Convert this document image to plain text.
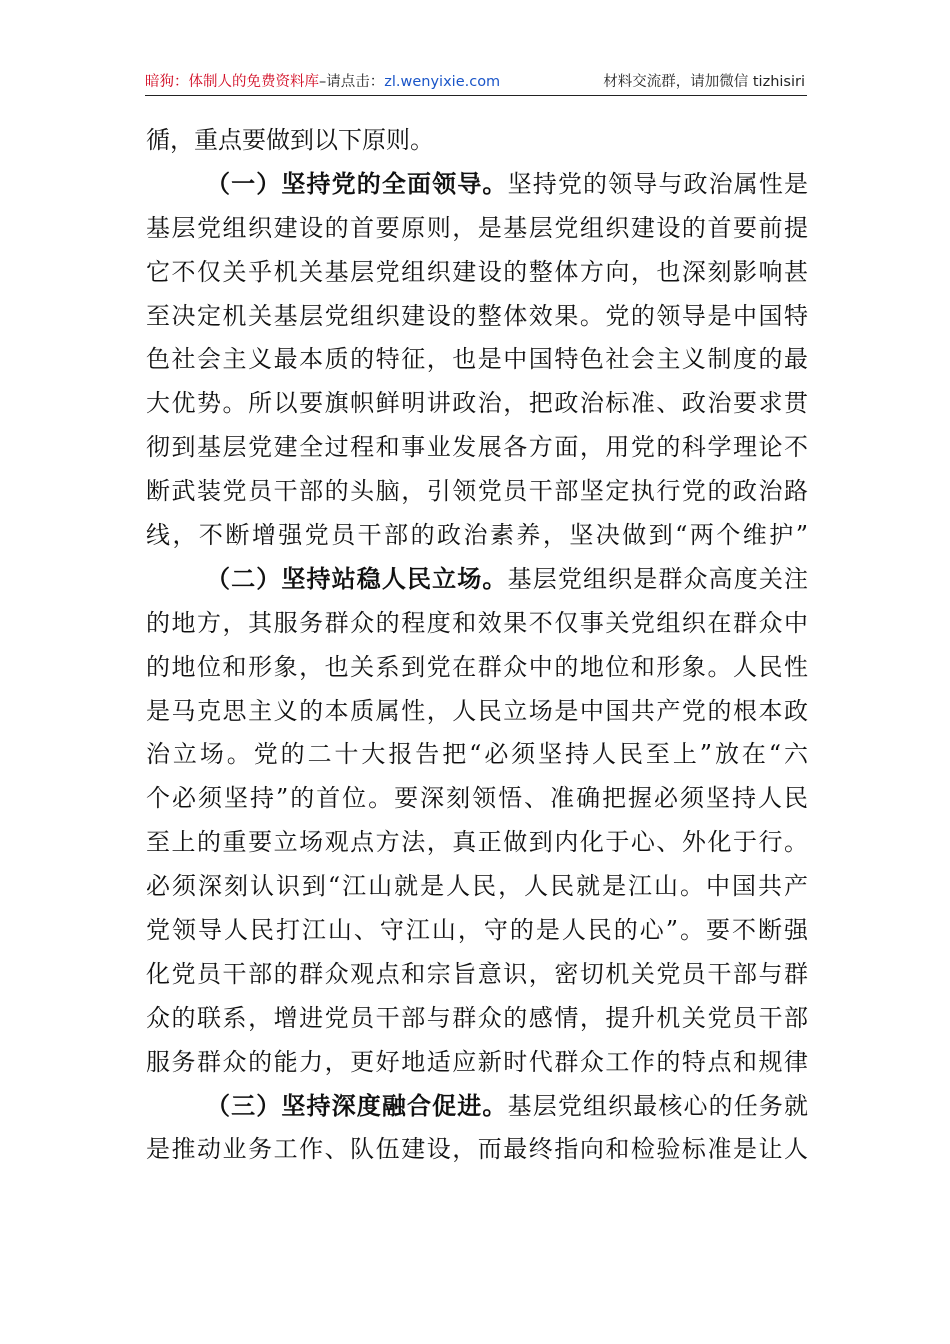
暗狗：体制人的免费资料库–请点击：zl.wenyixie.com	材料交流群，请加微信 tizhisiri
循，重点要做到以下原则。
（一）坚持党的全面领导。坚持党的领导与政治属性是
基层党组织建设的首要原则，是基层党组织建设的首要前提
它不仅关乎机关基层党组织建设的整体方向，也深刻影响甚
至决定机关基层党组织建设的整体效果。党的领导是中国特
色社会主义最本质的特征，也是中国特色社会主义制度的最
大优势。所以要旗帜鲜明讲政治，把政治标准、政治要求贯
彻到基层党建全过程和事业发展各方面，用党的科学理论不
断武装党员干部的头脑，引领党员干部坚定执行党的政治路
线，不断增强党员干部的政治素养，坚决做到“两个维护”
（二）坚持站稳人民立场。基层党组织是群众高度关注
的地方，其服务群众的程度和效果不仅事关党组织在群众中
的地位和形象，也关系到党在群众中的地位和形象。人民性
是马克思主义的本质属性，人民立场是中国共产党的根本政
治立场。党的二十大报告把“必须坚持人民至上”放在“六
个必须坚持”的首位。要深刻领悟、准确把握必须坚持人民
至上的重要立场观点方法，真正做到内化于心、外化于行。
必须深刻认识到“江山就是人民，人民就是江山。中国共产
党领导人民打江山、守江山，守的是人民的心”。要不断强
化党员干部的群众观点和宗旨意识，密切机关党员干部与群
众的联系，增进党员干部与群众的感情，提升机关党员干部
服务群众的能力，更好地适应新时代群众工作的特点和规律
（三）坚持深度融合促进。基层党组织最核心的任务就
是推动业务工作、队伍建设，而最终指向和检验标准是让人
